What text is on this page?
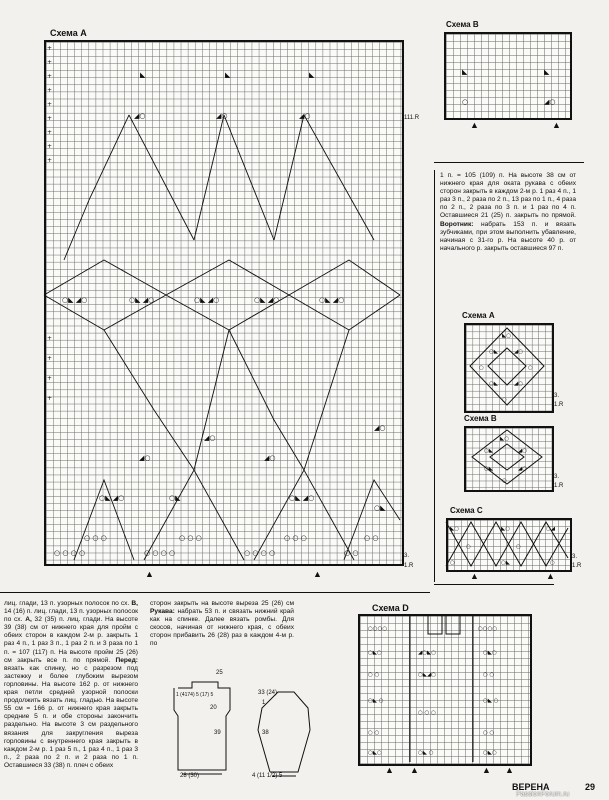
Схема А
◣	◣	◣
◢○	◢○	◢○
○◣ ◢○	○◣ ◢○	○◣ ◢○	○◣ ◢○	○◣ ◢○
◢○
◢○
◢○
◢○
○◣ ◢○	○◣	○◣ ◢○
○◣
○ ○ ○	○ ○ ○	○ ○ ○	○ ○
○ ○ ○ ○	○ ○ ○ ○	○ ○ ○ ○	○ ○
+
+
+
+
+
+
+
+
+
+
+
+
+
111.R
3.
1.R
▲	▲
Схема В
◣	◣
○	◢○
▲	▲
1 п. = 105 (109) п. На высоте 38 см от нижнего края для оката рукава с обеих сторон закрыть в каждом 2-м р. 1 раз 4 п., 1 раз 3 п., 2 раза по 2 п., 13 раз по 1 п., 4 раза по 2 п., 2 раза по 3 п. и 1 раз по 4 п. Оставшиеся 21 (25) п. закрыть по прямой. Воротник: набрать 153 п. и вязать зубчиками, при этом выполнить убавление, начиная с 31-го р. На высоте 40 р. от начального р. закрыть оставшиеся 97 п.
Схема А
◣○
○◣	◢○
○	○
○◣	◢○
○
3.
1.R
Схема В
◣○
○◣	◢○
○◣	◢○
○
3.
1.R
Схема С
◣○	◣○	○◢
○	○
○	○◣	○
3.
1.R
▲	▲
Схема D
○○○○	○○○○
○◣○	○◣○
○ ○	○ ○
◢○◣○
○◣◢○
○◣ ○	○◣ ○
○ ○ ○
○ ○	○ ○
○◣○	○◣ ○	○◣○
▲ ▲	▲ ▲
лиц. глади, 13 п. узорных полосок по сх. В, 14 (16) п. лиц. глади, 13 п. узорных полосок по сх. А, 32 (35) п. лиц. глади. На высоте 39 (38) см от нижнего края для пройм с обеих сторон в каждом 2-м р. закрыть 1 раз 4 п., 1 раз 3 п., 1 раз 2 п. и 3 раза по 1 п. = 107 (117) п. На высоте пройм 25 (26) см закрыть все п. по прямой. Перед: вязать как спинку, но с разрезом под застежку и более глубоким вырезом горловины. На высоте 162 р. от нижнего края петли средней узорной полоски продолжить вязать лиц. гладью. На высоте 55 см = 166 р. от нижнего края закрыть средние 5 п. и обе стороны закончить раздельно. На высоте 3 см раздельного вязания для закругления выреза горловины с внутреннего края закрыть в каждом 2-м р. 1 раз 5 п., 1 раз 4 п., 1 раз 3 п., 2 раза по 2 п. и 2 раза по 1 п. Оставшиеся 33 (38) п. плеч с обеих
сторон закрыть на высоте выреза 25 (26) см Рукава: набрать 53 п. и связать нижний край как на спинке. Далее вязать ромбы. Для скосов, начиная от нижнего края, с обеих сторон прибавить 26 (28) раз в каждом 4-м р. по
25
1 (4174) 5 (17) 5
39
20
28 (30)
33 (24)
1
38
4 (11 1/2) 5
ВЕРЕНА	29
PassionForum.ru
